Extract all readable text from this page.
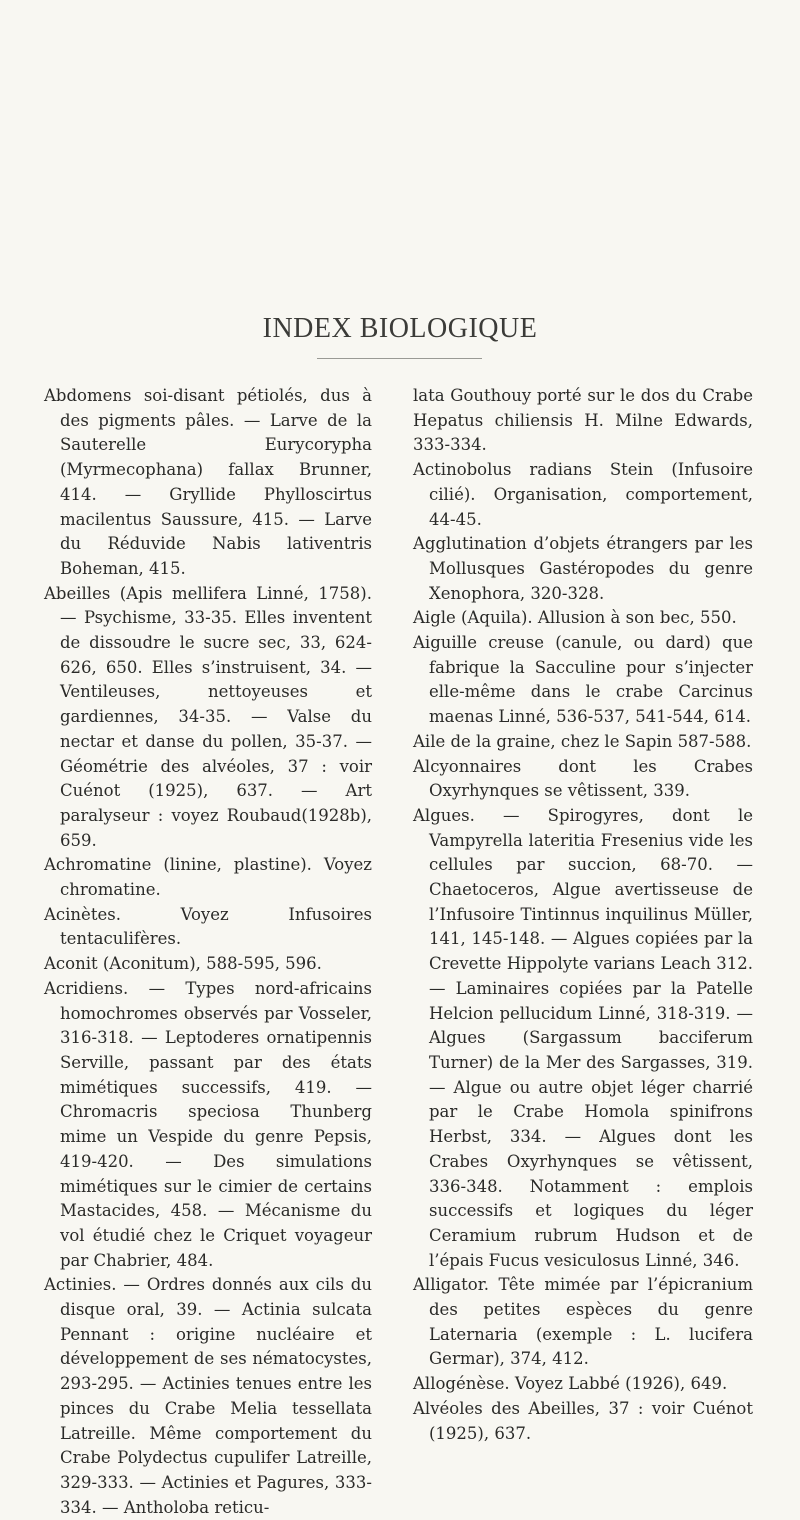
INDEX BIOLOGIQUE

Abdomens soi-disant pétiolés, dus à des pigments pâles. — Larve de la Sauterelle Eurycorypha (Myrmecophana) fallax Brunner, 414. — Gryllide Phylloscirtus macilentus Saussure, 415. — Larve du Réduvide Nabis lativentris Boheman, 415.

Abeilles (Apis mellifera Linné, 1758). — Psychisme, 33-35. Elles inventent de dissoudre le sucre sec, 33, 624-626, 650. Elles s’instruisent, 34. — Ventileuses, nettoyeuses et gardiennes, 34-35. — Valse du nectar et danse du pollen, 35-37. — Géométrie des alvéoles, 37 : voir Cuénot (1925), 637. — Art paralyseur : voyez Roubaud(1928b), 659.

Achromatine (linine, plastine). Voyez chromatine.

Acinètes. Voyez Infusoires tentaculifères.

Aconit (Aconitum), 588-595, 596.

Acridiens. — Types nord-africains homochromes observés par Vosseler, 316-318. — Leptoderes ornatipennis Serville, passant par des états mimétiques successifs, 419. — Chromacris speciosa Thunberg mime un Vespide du genre Pepsis, 419-420. — Des simulations mimétiques sur le cimier de certains Mastacides, 458. — Mécanisme du vol étudié chez le Criquet voyageur par Chabrier, 484.

Actinies. — Ordres donnés aux cils du disque oral, 39. — Actinia sulcata Pennant : origine nucléaire et développement de ses nématocystes, 293-295. — Actinies tenues entre les pinces du Crabe Melia tessellata Latreille. Même comportement du Crabe Polydectus cupulifer Latreille, 329-333. — Actinies et Pagures, 333-334. — Antholoba reticu-

lata Gouthouy porté sur le dos du Crabe Hepatus chiliensis H. Milne Edwards, 333-334.

Actinobolus radians Stein (Infusoire cilié). Organisation, comportement, 44-45.

Agglutination d’objets étrangers par les Mollusques Gastéropodes du genre Xenophora, 320-328.

Aigle (Aquila). Allusion à son bec, 550.

Aiguille creuse (canule, ou dard) que fabrique la Sacculine pour s’injecter elle-même dans le crabe Carcinus maenas Linné, 536-537, 541-544, 614.

Aile de la graine, chez le Sapin 587-588.

Alcyonnaires dont les Crabes Oxyrhynques se vêtissent, 339.

Algues. — Spirogyres, dont le Vampyrella lateritia Fresenius vide les cellules par succion, 68-70. — Chaetoceros, Algue avertisseuse de l’Infusoire Tintinnus inquilinus Müller, 141, 145-148. — Algues copiées par la Crevette Hippolyte varians Leach 312. — Laminaires copiées par la Patelle Helcion pellucidum Linné, 318-319. — Algues (Sargassum bacciferum Turner) de la Mer des Sargasses, 319. — Algue ou autre objet léger charrié par le Crabe Homola spinifrons Herbst, 334. — Algues dont les Crabes Oxyrhynques se vêtissent, 336-348. Notamment : emplois successifs et logiques du léger Ceramium rubrum Hudson et de l’épais Fucus vesiculosus Linné, 346.

Alligator. Tête mimée par l’épicranium des petites espèces du genre Laternaria (exemple : L. lucifera Germar), 374, 412.

Allogénèse. Voyez Labbé (1926), 649.

Alvéoles des Abeilles, 37 : voir Cuénot (1925), 637.
